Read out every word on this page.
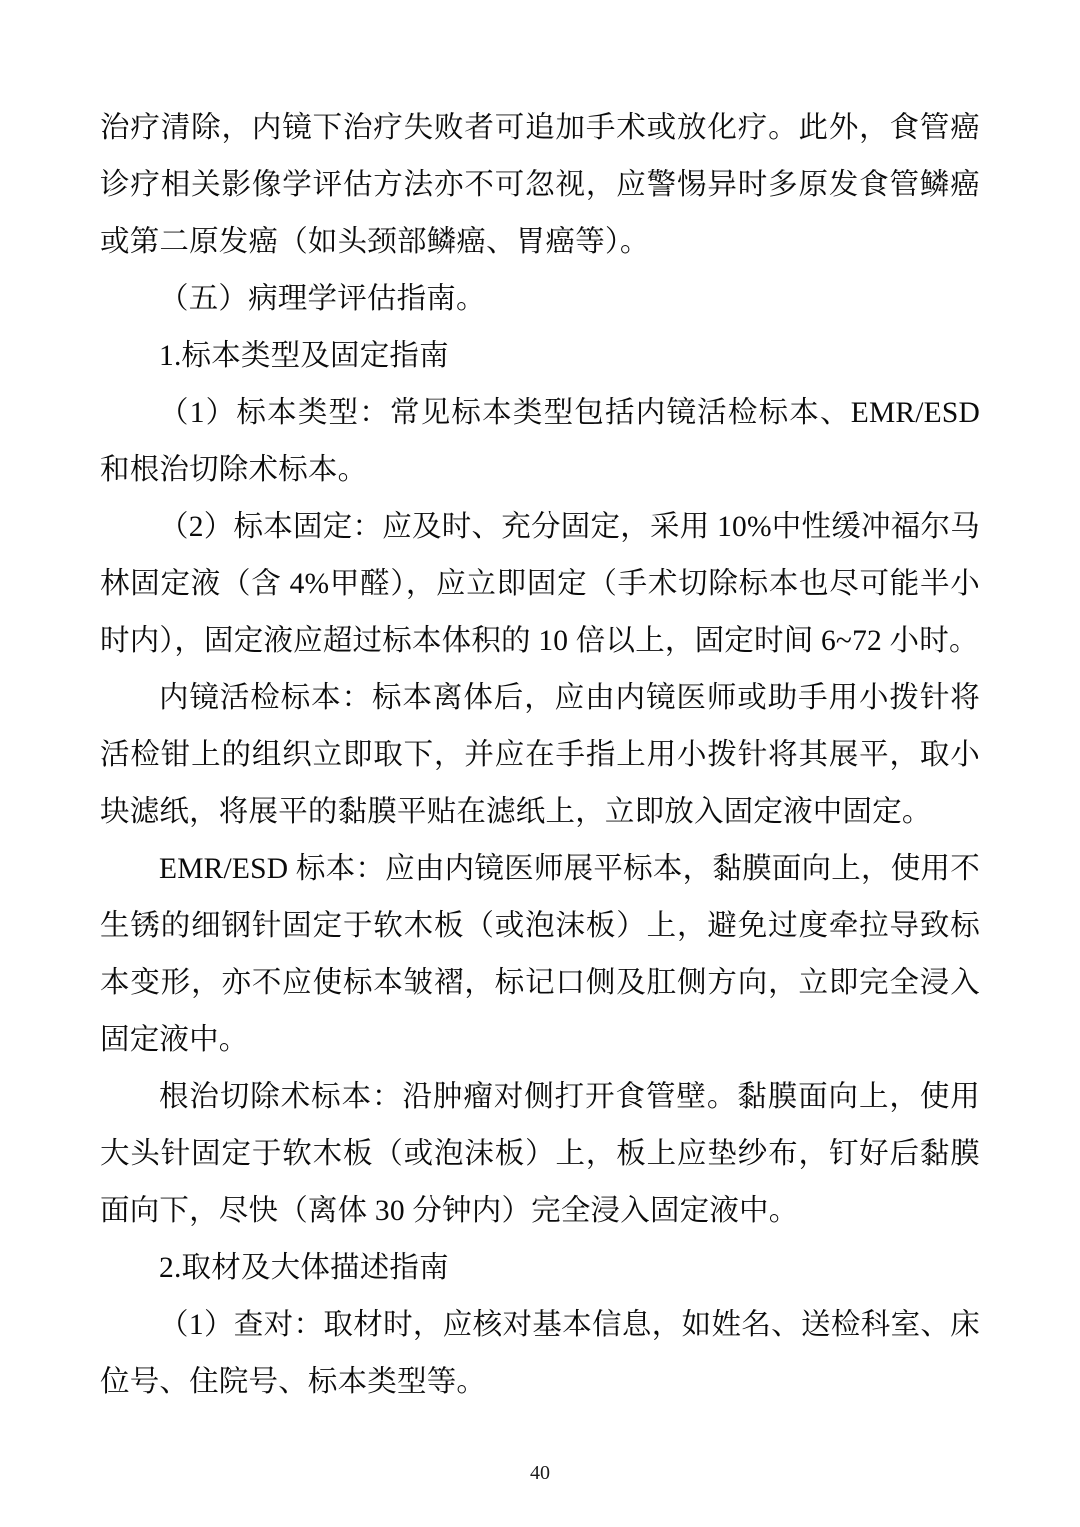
治疗清除，内镜下治疗失败者可追加手术或放化疗。此外，食管癌诊疗相关影像学评估方法亦不可忽视，应警惕异时多原发食管鳞癌或第二原发癌（如头颈部鳞癌、胃癌等）。

（五）病理学评估指南。

1.标本类型及固定指南

（1）标本类型：常见标本类型包括内镜活检标本、EMR/ESD 和根治切除术标本。

（2）标本固定：应及时、充分固定，采用 10%中性缓冲福尔马林固定液（含 4%甲醛），应立即固定（手术切除标本也尽可能半小时内），固定液应超过标本体积的 10 倍以上，固定时间 6~72 小时。

内镜活检标本：标本离体后，应由内镜医师或助手用小拨针将活检钳上的组织立即取下，并应在手指上用小拨针将其展平，取小块滤纸，将展平的黏膜平贴在滤纸上，立即放入固定液中固定。

EMR/ESD 标本：应由内镜医师展平标本，黏膜面向上，使用不生锈的细钢针固定于软木板（或泡沫板）上，避免过度牵拉导致标本变形，亦不应使标本皱褶，标记口侧及肛侧方向，立即完全浸入固定液中。

根治切除术标本：沿肿瘤对侧打开食管壁。黏膜面向上，使用大头针固定于软木板（或泡沫板）上，板上应垫纱布，钉好后黏膜面向下，尽快（离体 30 分钟内）完全浸入固定液中。

2.取材及大体描述指南

（1）查对：取材时，应核对基本信息，如姓名、送检科室、床位号、住院号、标本类型等。

40
